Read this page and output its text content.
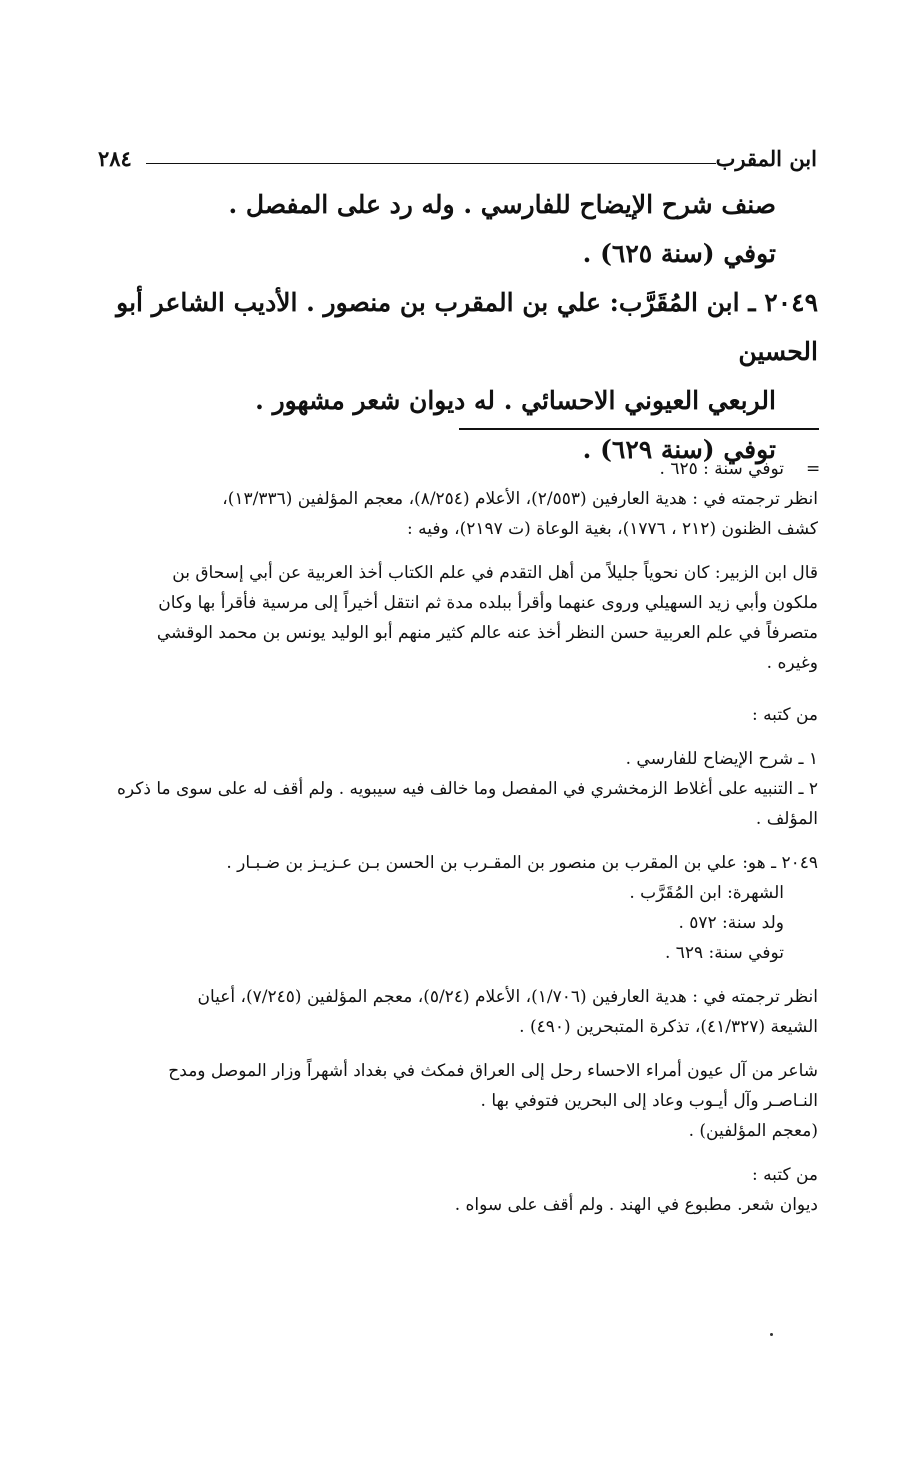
ابن المقرب
٢٨٤

صنف شرح الإيضاح للفارسي . وله رد على المفصل .

توفي (سنة ٦٢٥) .

٢٠٤٩ ـ ابن المُقَرَّب: علي بن المقرب بن منصور . الأديب الشاعر أبو الحسين

الربعي العيوني الاحسائي . له ديوان شعر مشهور .

توفي (سنة ٦٢٩) .

=

توفي سنة : ٦٢٥ .

انظر ترجمته في : هدية العارفين (٢/٥٥٣)، الأعلام (٨/٢٥٤)، معجم المؤلفين (١٣/٣٣٦)،

كشف الظنون (٢١٢ ، ١٧٧٦)، بغية الوعاة (ت ٢١٩٧)، وفيه :

قال ابن الزبير: كان نحوياً جليلاً من أهل التقدم في علم الكتاب أخذ العربية عن أبي إسحاق بن

ملكون وأبي زيد السهيلي وروى عنهما وأقرأ ببلده مدة ثم انتقل أخيراً إلى مرسية فأقرأ بها وكان

متصرفاً في علم العربية حسن النظر أخذ عنه عالم كثير منهم أبو الوليد يونس بن محمد الوقشي

وغيره .

من كتبه :

١ ـ شرح الإيضاح للفارسي .

٢ ـ التنبيه على أغلاط الزمخشري في المفصل وما خالف فيه سيبويه . ولم أقف له على سوى ما ذكره

المؤلف .

٢٠٤٩ ـ هو: علي بن المقرب بن منصور بن المقـرب بن الحسن بـن عـزيـز بن ضـبـار .

الشهرة: ابن المُقَرَّب .

ولد سنة: ٥٧٢ .

توفي سنة: ٦٢٩ .

انظر ترجمته في : هدية العارفين (١/٧٠٦)، الأعلام (٥/٢٤)، معجم المؤلفين (٧/٢٤٥)، أعيان

الشيعة (٤١/٣٢٧)، تذكرة المتبحرين (٤٩٠) .

شاعر من آل عيون أمراء الاحساء رحل إلى العراق فمكث في بغداد أشهراً وزار الموصل ومدح

النـاصـر وآل أيـوب وعاد إلى البحرين فتوفي بها .

(معجم المؤلفين) .

من كتبه :

ديوان شعر. مطبوع في الهند . ولم أقف على سواه .
